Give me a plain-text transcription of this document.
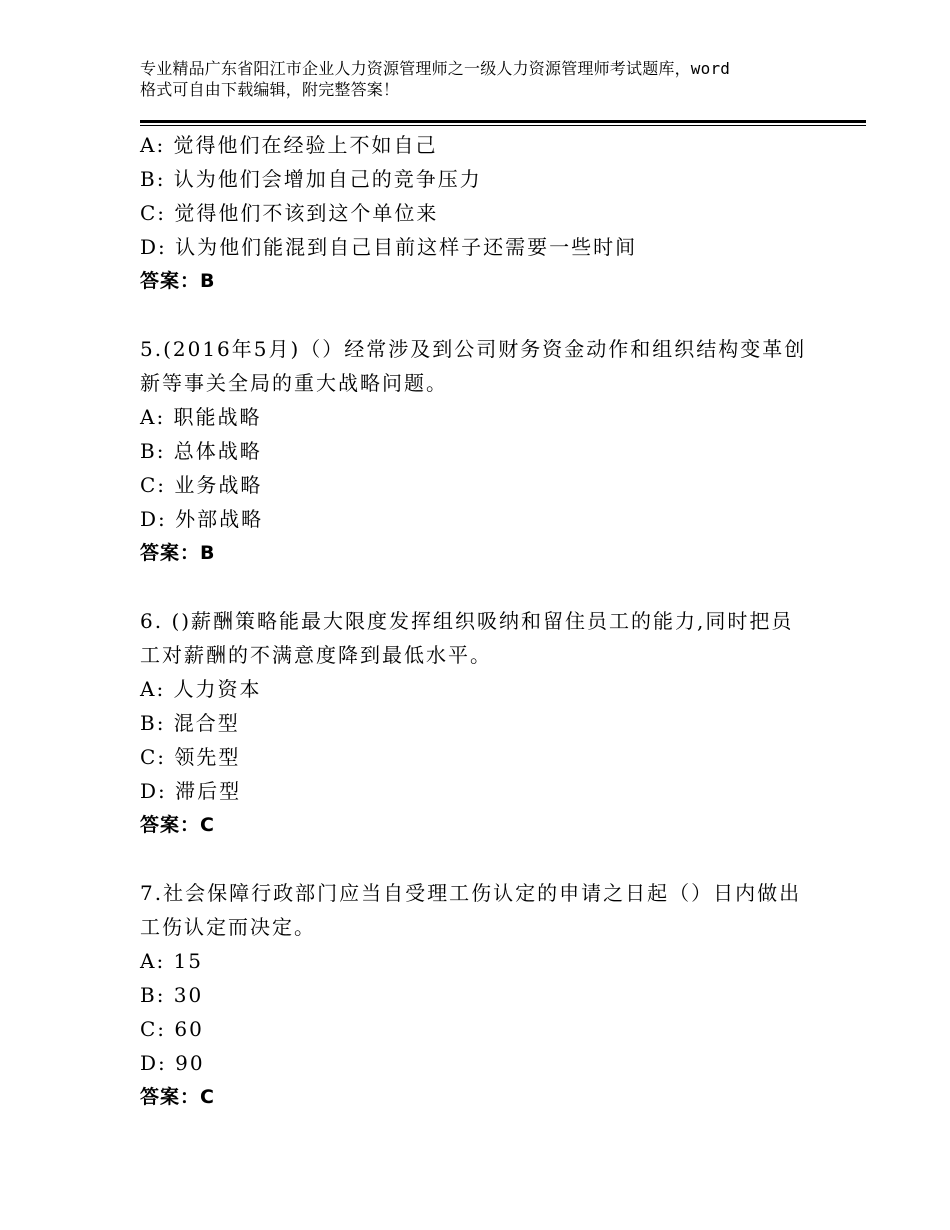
专业精品广东省阳江市企业人力资源管理师之一级人力资源管理师考试题库，word
格式可自由下载编辑，附完整答案！
A: 觉得他们在经验上不如自己
B: 认为他们会增加自己的竞争压力
C: 觉得他们不该到这个单位来
D: 认为他们能混到自己目前这样子还需要一些时间
答案：B
5.(2016年5月)（）经常涉及到公司财务资金动作和组织结构变革创
新等事关全局的重大战略问题。
A: 职能战略
B: 总体战略
C: 业务战略
D: 外部战略
答案：B
6. ()薪酬策略能最大限度发挥组织吸纳和留住员工的能力,同时把员
工对薪酬的不满意度降到最低水平。
A: 人力资本
B: 混合型
C: 领先型
D: 滞后型
答案：C
7.社会保障行政部门应当自受理工伤认定的申请之日起（）日内做出
工伤认定而决定。
A: 15
B: 30
C: 60
D: 90
答案：C
